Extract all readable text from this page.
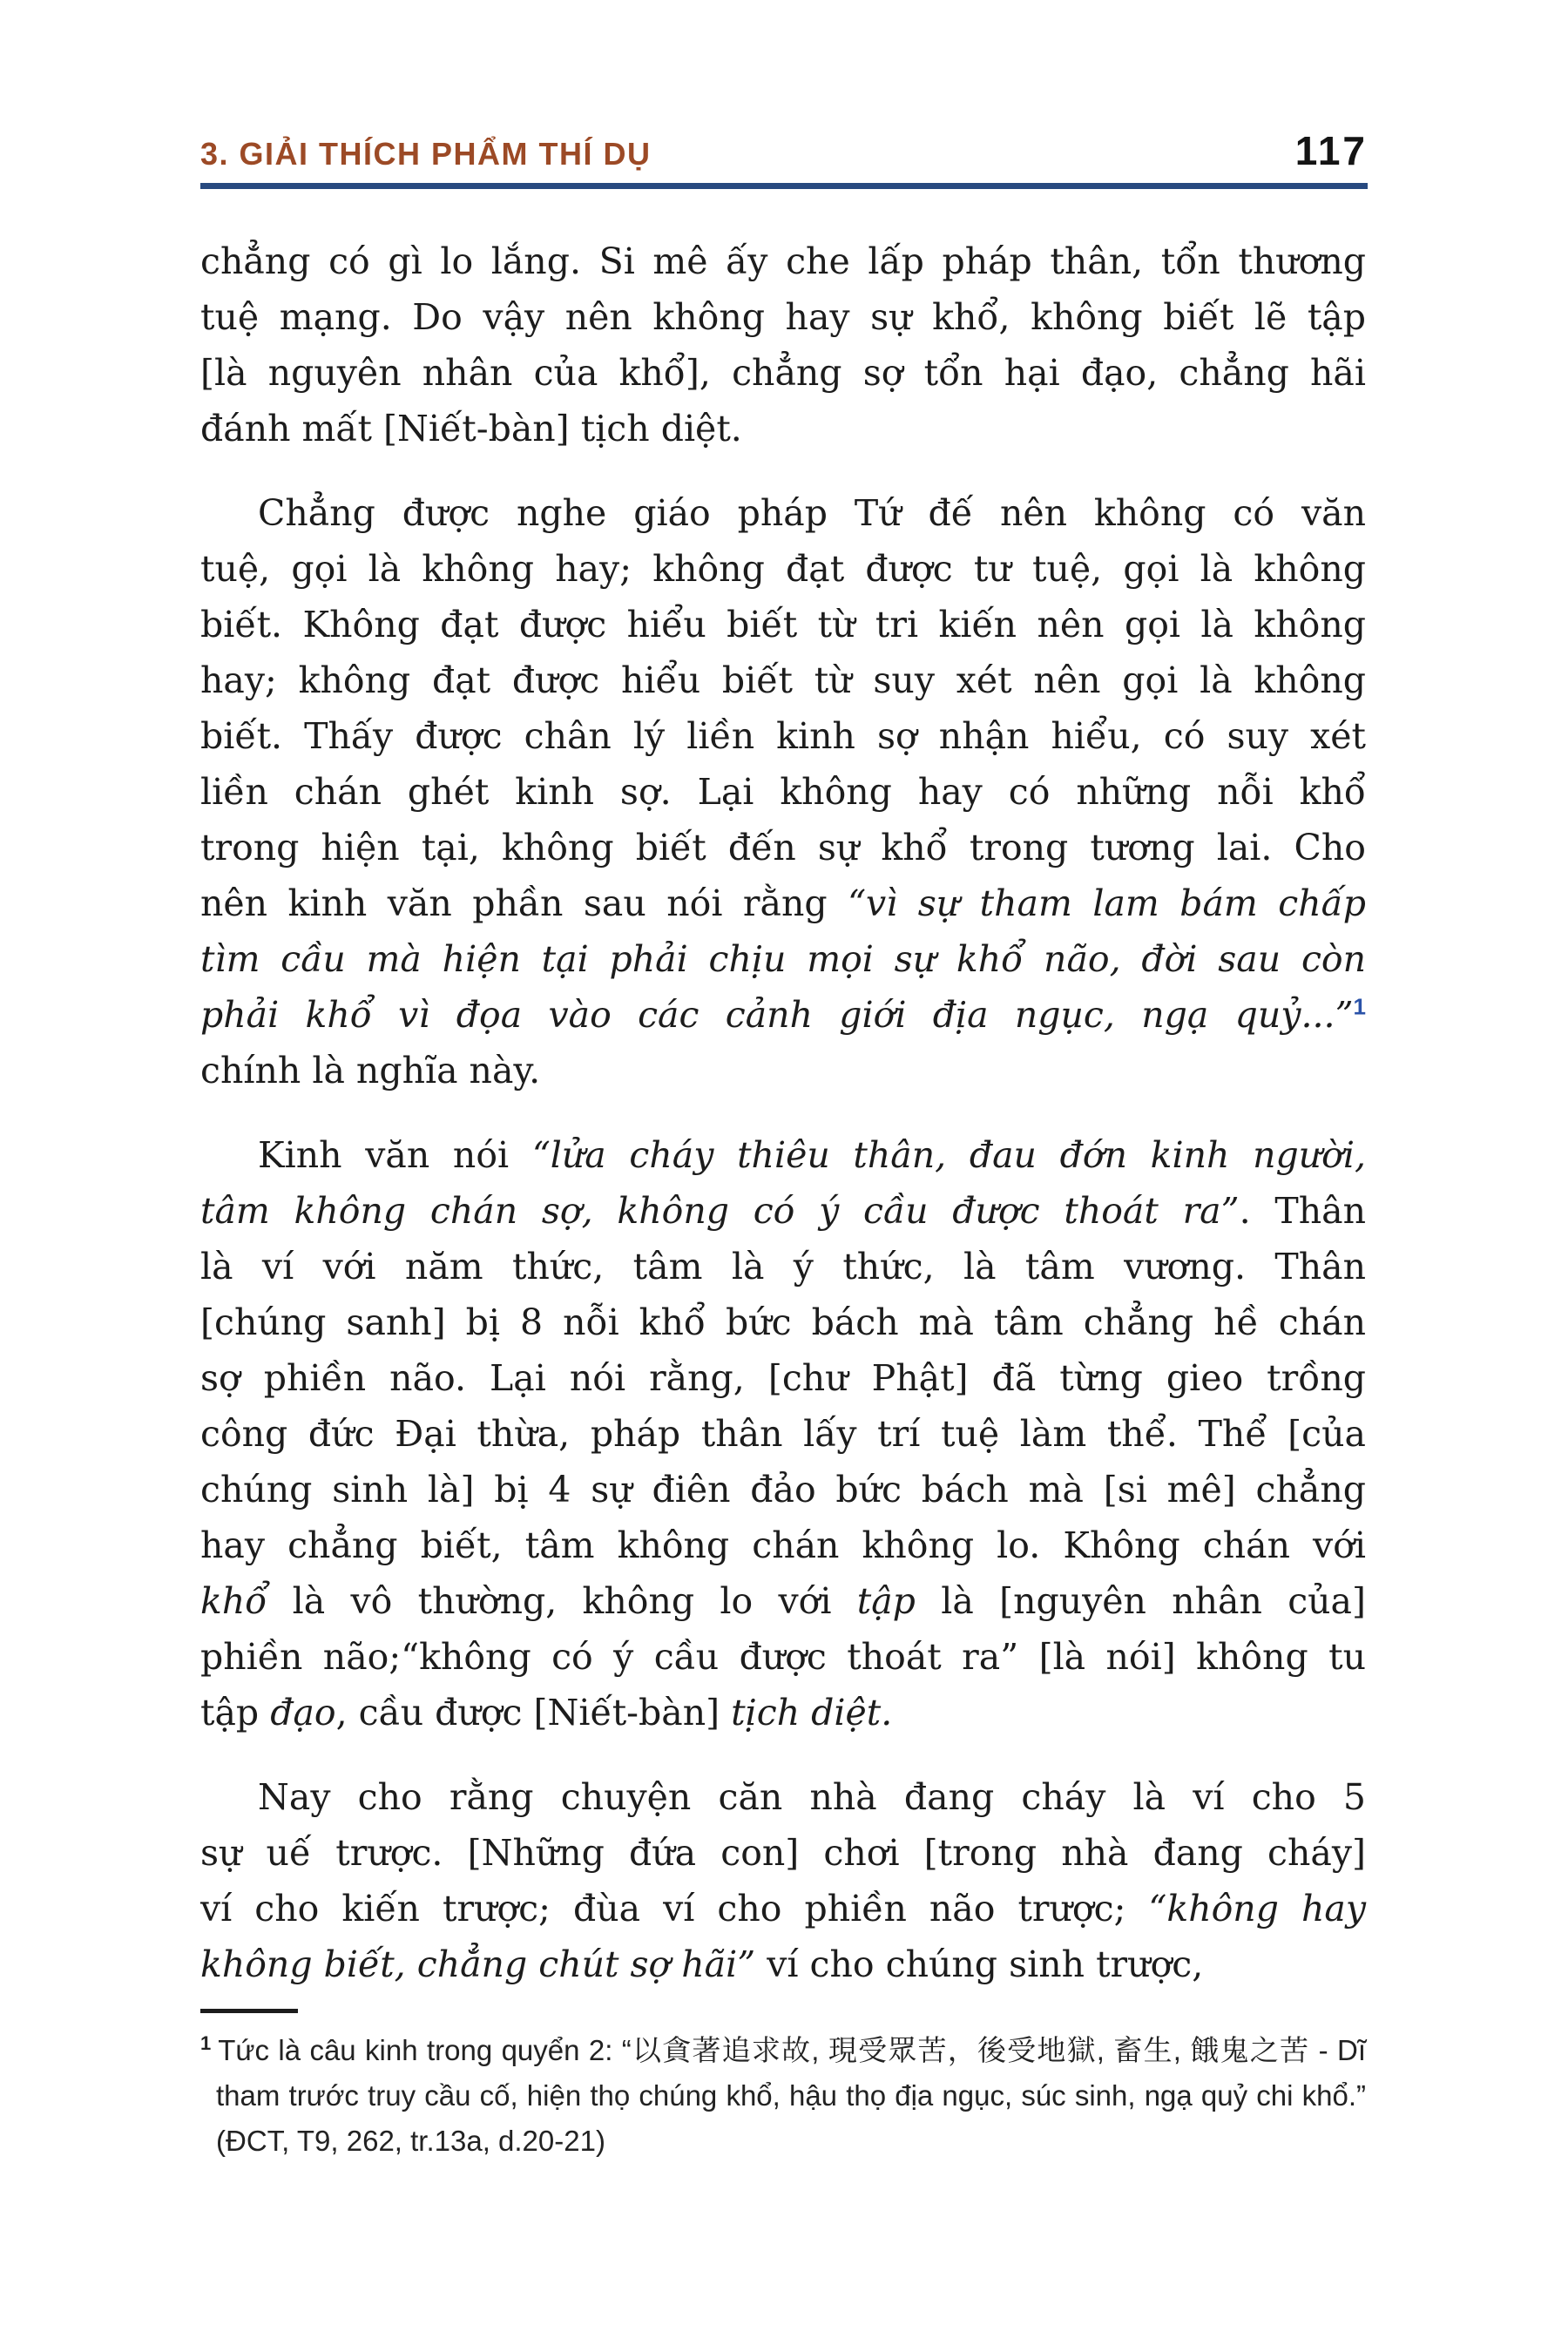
3. GIẢI THÍCH PHẨM THÍ DỤ	117
chẳng có gì lo lắng. Si mê ấy che lấp pháp thân, tổn thương
tuệ mạng. Do vậy nên không hay sự khổ, không biết lẽ tập
[là nguyên nhân của khổ], chẳng sợ tổn hại đạo, chẳng hãi
đánh mất [Niết-bàn] tịch diệt.
Chẳng được nghe giáo pháp Tứ đế nên không có văn
tuệ, gọi là không hay; không đạt được tư tuệ, gọi là không
biết. Không đạt được hiểu biết từ tri kiến nên gọi là không
hay; không đạt được hiểu biết từ suy xét nên gọi là không
biết. Thấy được chân lý liền kinh sợ nhận hiểu, có suy xét
liền chán ghét kinh sợ. Lại không hay có những nỗi khổ
trong hiện tại, không biết đến sự khổ trong tương lai. Cho
nên kinh văn phần sau nói rằng “vì sự tham lam bám chấp
tìm cầu mà hiện tại phải chịu mọi sự khổ não, đời sau còn
phải khổ vì đọa vào các cảnh giới địa ngục, ngạ quỷ...”$^1$
chính là nghĩa này.
Kinh văn nói “lửa cháy thiêu thân, đau đớn kinh người,
tâm không chán sợ, không có ý cầu được thoát ra”. Thân
là ví với năm thức, tâm là ý thức, là tâm vương. Thân
[chúng sanh] bị 8 nỗi khổ bức bách mà tâm chẳng hề chán
sợ phiền não. Lại nói rằng, [chư Phật] đã từng gieo trồng
công đức Đại thừa, pháp thân lấy trí tuệ làm thể. Thể [của
chúng sinh là] bị 4 sự điên đảo bức bách mà [si mê] chẳng
hay chẳng biết, tâm không chán không lo. Không chán với
khổ là vô thường, không lo với tập là [nguyên nhân của]
phiền não;“không có ý cầu được thoát ra” [là nói] không tu
tập đạo, cầu được [Niết-bàn] tịch diệt.
Nay cho rằng chuyện căn nhà đang cháy là ví cho 5
sự uế trược. [Những đứa con] chơi [trong nhà đang cháy]
ví cho kiến trược; đùa ví cho phiền não trược; “không hay
không biết, chẳng chút sợ hãi” ví cho chúng sinh trược,
$^1$ Tức là câu kinh trong quyển 2: “以貪著追求故, 現受眾苦，後受地獄, 畜生, 餓鬼之苦 - Dĩ tham trước truy cầu cố, hiện thọ chúng khổ, hậu thọ địa ngục, súc sinh, ngạ quỷ chi khổ.” (ĐCT, T9, 262, tr.13a, d.20-21)
